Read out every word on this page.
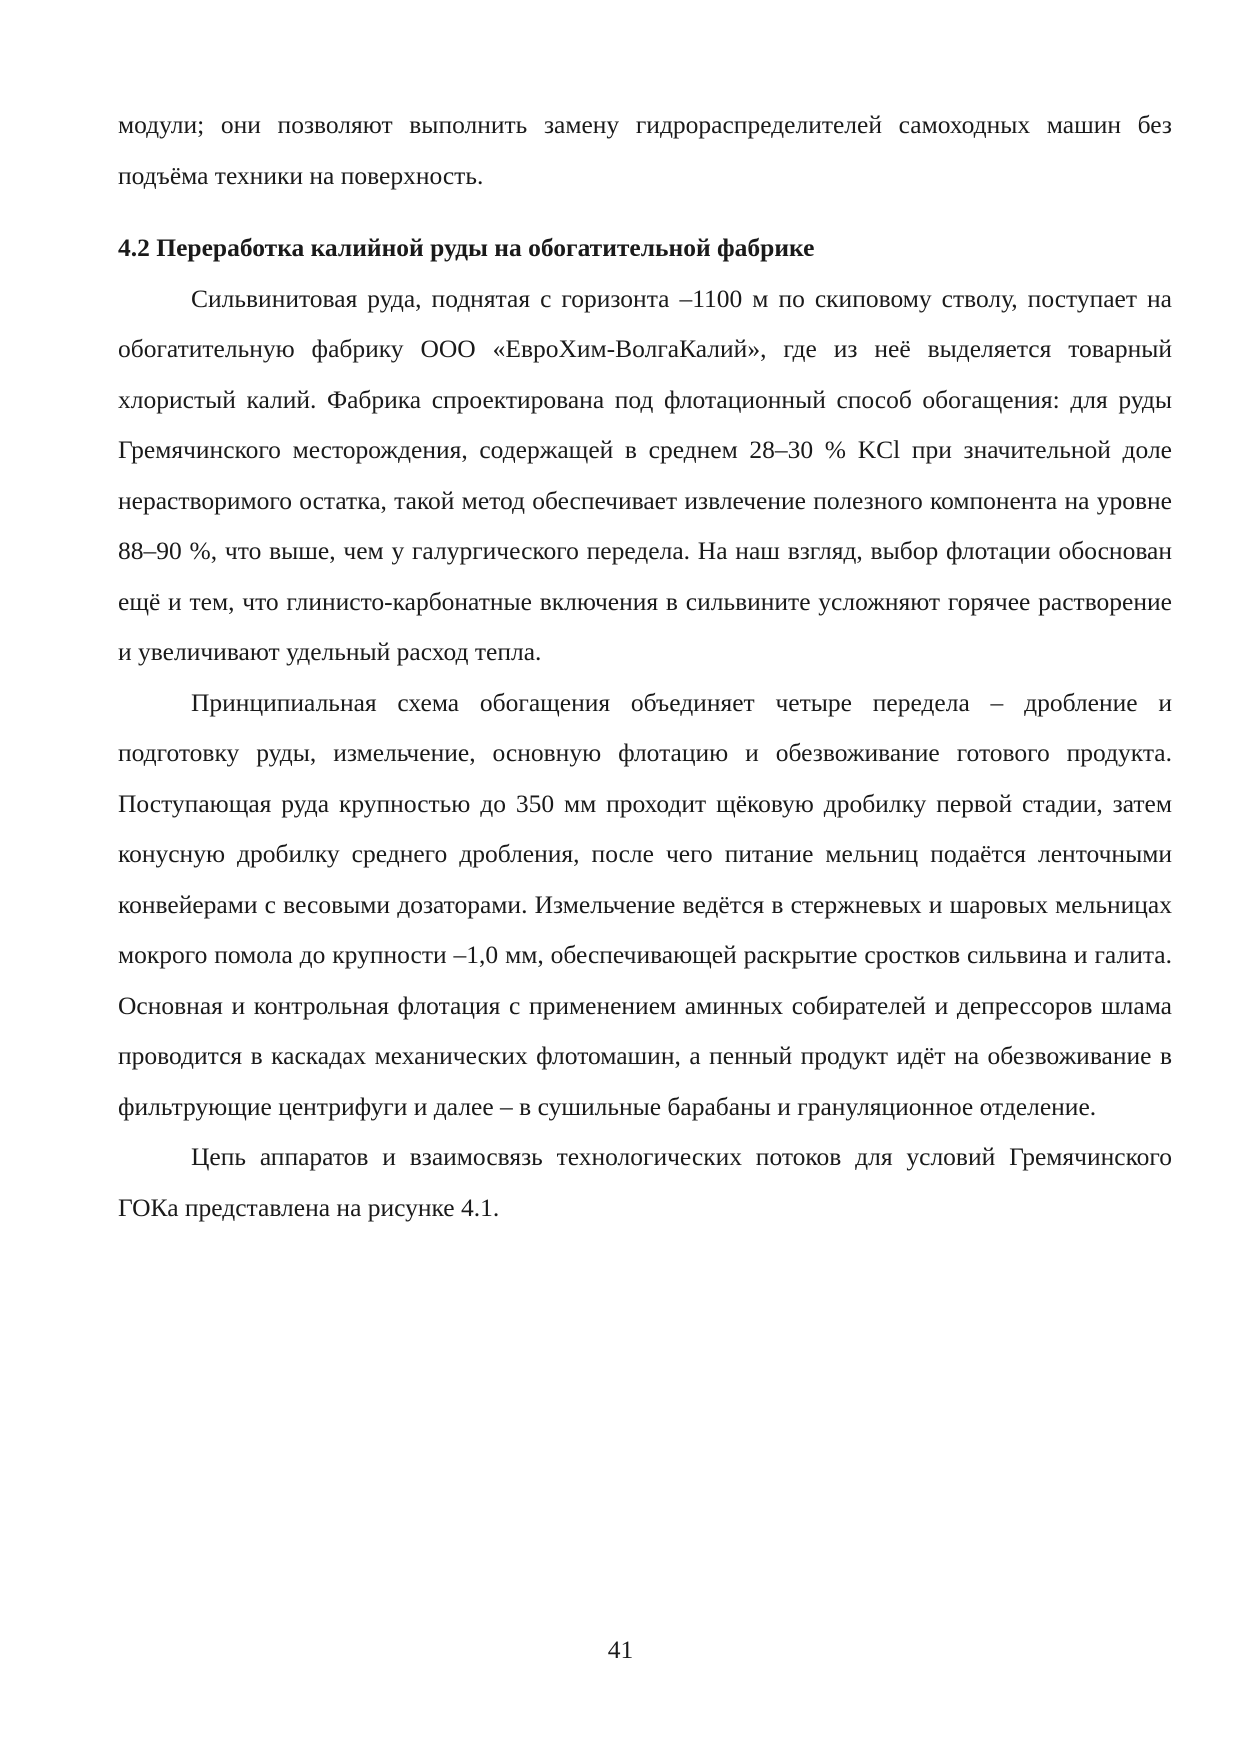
модули; они позволяют выполнить замену гидрораспределителей самоходных машин без подъёма техники на поверхность.

4.2 Переработка калийной руды на обогатительной фабрике

Сильвинитовая руда, поднятая с горизонта –1100 м по скиповому стволу, поступает на обогатительную фабрику ООО «ЕвроХим-ВолгаКалий», где из неё выделяется товарный хлористый калий. Фабрика спроектирована под флотационный способ обогащения: для руды Гремячинского месторождения, содержащей в среднем 28–30 % KCl при значительной доле нерастворимого остатка, такой метод обеспечивает извлечение полезного компонента на уровне 88–90 %, что выше, чем у галургического передела. На наш взгляд, выбор флотации обоснован ещё и тем, что глинисто-карбонатные включения в сильвините усложняют горячее растворение и увеличивают удельный расход тепла.

Принципиальная схема обогащения объединяет четыре передела – дробление и подготовку руды, измельчение, основную флотацию и обезвоживание готового продукта. Поступающая руда крупностью до 350 мм проходит щёковую дробилку первой стадии, затем конусную дробилку среднего дробления, после чего питание мельниц подаётся ленточными конвейерами с весовыми дозаторами. Измельчение ведётся в стержневых и шаровых мельницах мокрого помола до крупности –1,0 мм, обеспечивающей раскрытие сростков сильвина и галита. Основная и контрольная флотация с применением аминных собирателей и депрессоров шлама проводится в каскадах механических флотомашин, а пенный продукт идёт на обезвоживание в фильтрующие центрифуги и далее – в сушильные барабаны и грануляционное отделение.

Цепь аппаратов и взаимосвязь технологических потоков для условий Гремячинского ГОКа представлена на рисунке 4.1.

41
